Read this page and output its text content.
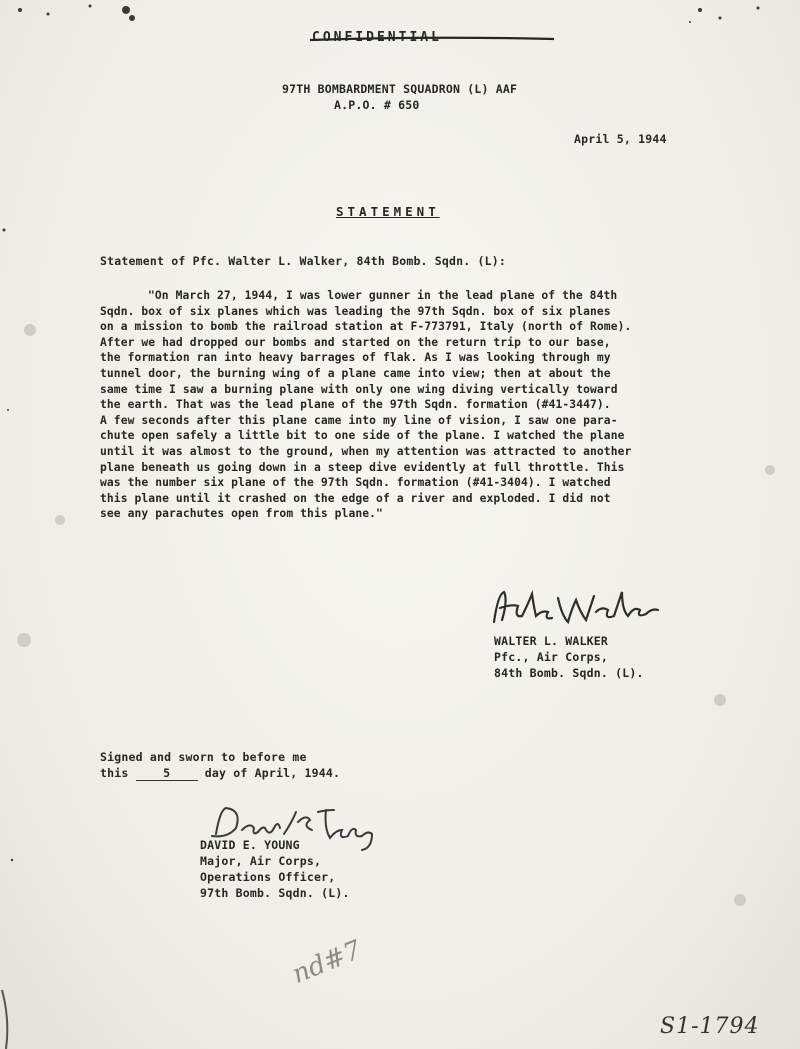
CONFIDENTIAL
97TH BOMBARDMENT SQUADRON (L) AAF
A.P.O. # 650
April 5, 1944
STATEMENT
Statement of Pfc. Walter L. Walker, 84th Bomb. Sqdn. (L):
"On March 27, 1944, I was lower gunner in the lead plane of the 84th
Sqdn. box of six planes which was leading the 97th Sqdn. box of six planes
on a mission to bomb the railroad station at F-773791, Italy (north of Rome).
After we had dropped our bombs and started on the return trip to our base,
the formation ran into heavy barrages of flak. As I was looking through my
tunnel door, the burning wing of a plane came into view; then at about the
same time I saw a burning plane with only one wing diving vertically toward
the earth. That was the lead plane of the 97th Sqdn. formation (#41-3447).
A few seconds after this plane came into my line of vision, I saw one para-
chute open safely a little bit to one side of the plane. I watched the plane
until it was almost to the ground, when my attention was attracted to another
plane beneath us going down in a steep dive evidently at full throttle. This
was the number six plane of the 97th Sqdn. formation (#41-3404). I watched
this plane until it crashed on the edge of a river and exploded. I did not
see any parachutes open from this plane."
WALTER L. WALKER
Pfc., Air Corps,
84th Bomb. Sqdn. (L).
Signed and sworn to before me
this	5	day of April, 1944.
DAVID E. YOUNG
Major, Air Corps,
Operations Officer,
97th Bomb. Sqdn. (L).
nd#7
S1-1794
